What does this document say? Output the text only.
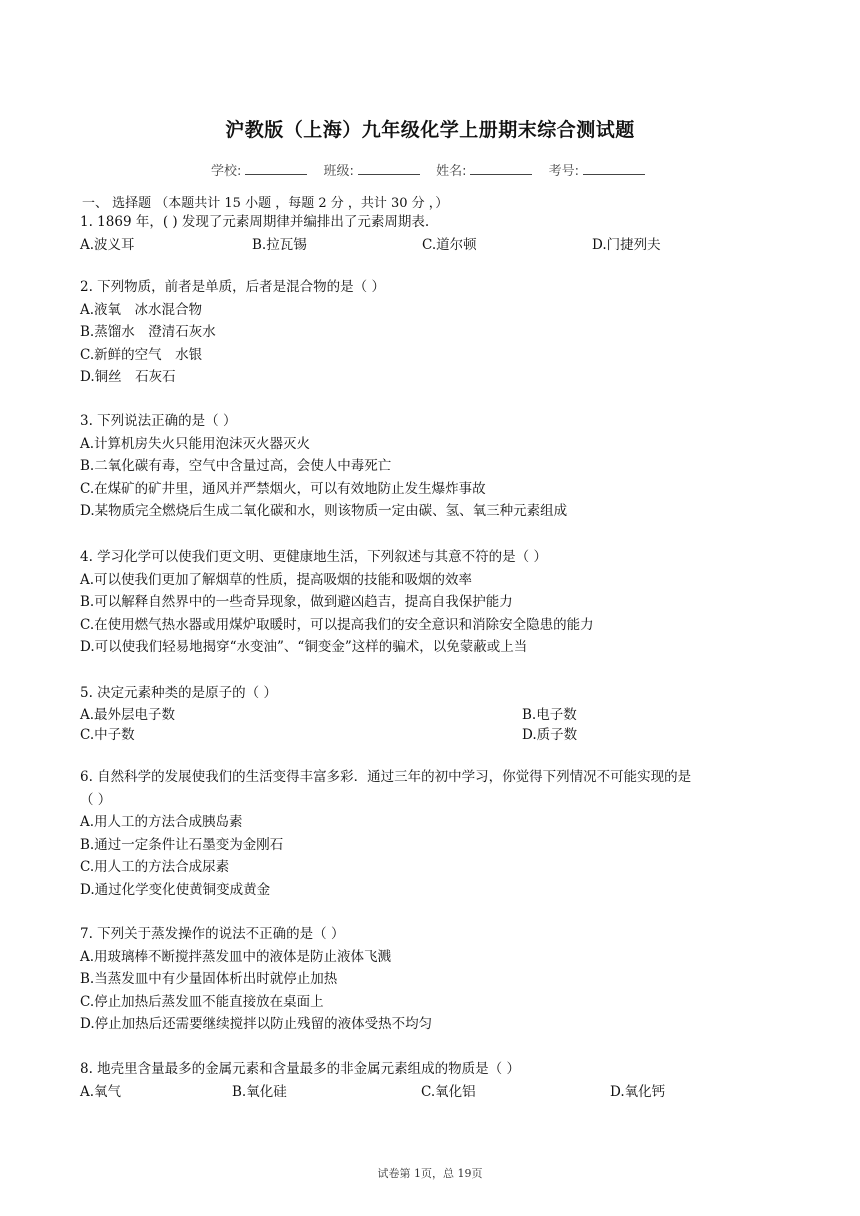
沪教版（上海）九年级化学上册期末综合测试题
学校:	班级:	姓名:	考号:
一、 选择题 （本题共计 15 小题 ，每题 2 分 ，共计 30 分 ，）
1. 1869 年，( ) 发现了元素周期律并编排出了元素周期表.
A.波义耳	B.拉瓦锡	C.道尔顿	D.门捷列夫
2. 下列物质，前者是单质，后者是混合物的是（ ）
A.液氧　冰水混合物
B.蒸馏水　澄清石灰水
C.新鲜的空气　水银
D.铜丝　石灰石
3. 下列说法正确的是（ ）
A.计算机房失火只能用泡沫灭火器灭火
B.二氧化碳有毒，空气中含量过高，会使人中毒死亡
C.在煤矿的矿井里，通风并严禁烟火，可以有效地防止发生爆炸事故
D.某物质完全燃烧后生成二氧化碳和水，则该物质一定由碳、氢、氧三种元素组成
4. 学习化学可以使我们更文明、更健康地生活，下列叙述与其意不符的是（ ）
A.可以使我们更加了解烟草的性质，提高吸烟的技能和吸烟的效率
B.可以解释自然界中的一些奇异现象，做到避凶趋吉，提高自我保护能力
C.在使用燃气热水器或用煤炉取暖时，可以提高我们的安全意识和消除安全隐患的能力
D.可以使我们轻易地揭穿“水变油”、“铜变金”这样的骗术，以免蒙蔽或上当
5. 决定元素种类的是原子的（ ）
A.最外层电子数	B.电子数
C.中子数	D.质子数
6. 自然科学的发展使我们的生活变得丰富多彩．通过三年的初中学习，你觉得下列情况不可能实现的是
（ ）
A.用人工的方法合成胰岛素
B.通过一定条件让石墨变为金刚石
C.用人工的方法合成尿素
D.通过化学变化使黄铜变成黄金
7. 下列关于蒸发操作的说法不正确的是（ ）
A.用玻璃棒不断搅拌蒸发皿中的液体是防止液体飞溅
B.当蒸发皿中有少量固体析出时就停止加热
C.停止加热后蒸发皿不能直接放在桌面上
D.停止加热后还需要继续搅拌以防止残留的液体受热不均匀
8. 地壳里含量最多的金属元素和含量最多的非金属元素组成的物质是（ ）
A.氧气	B.氧化硅	C.氧化铝	D.氧化钙
试卷第 1页，总 19页
